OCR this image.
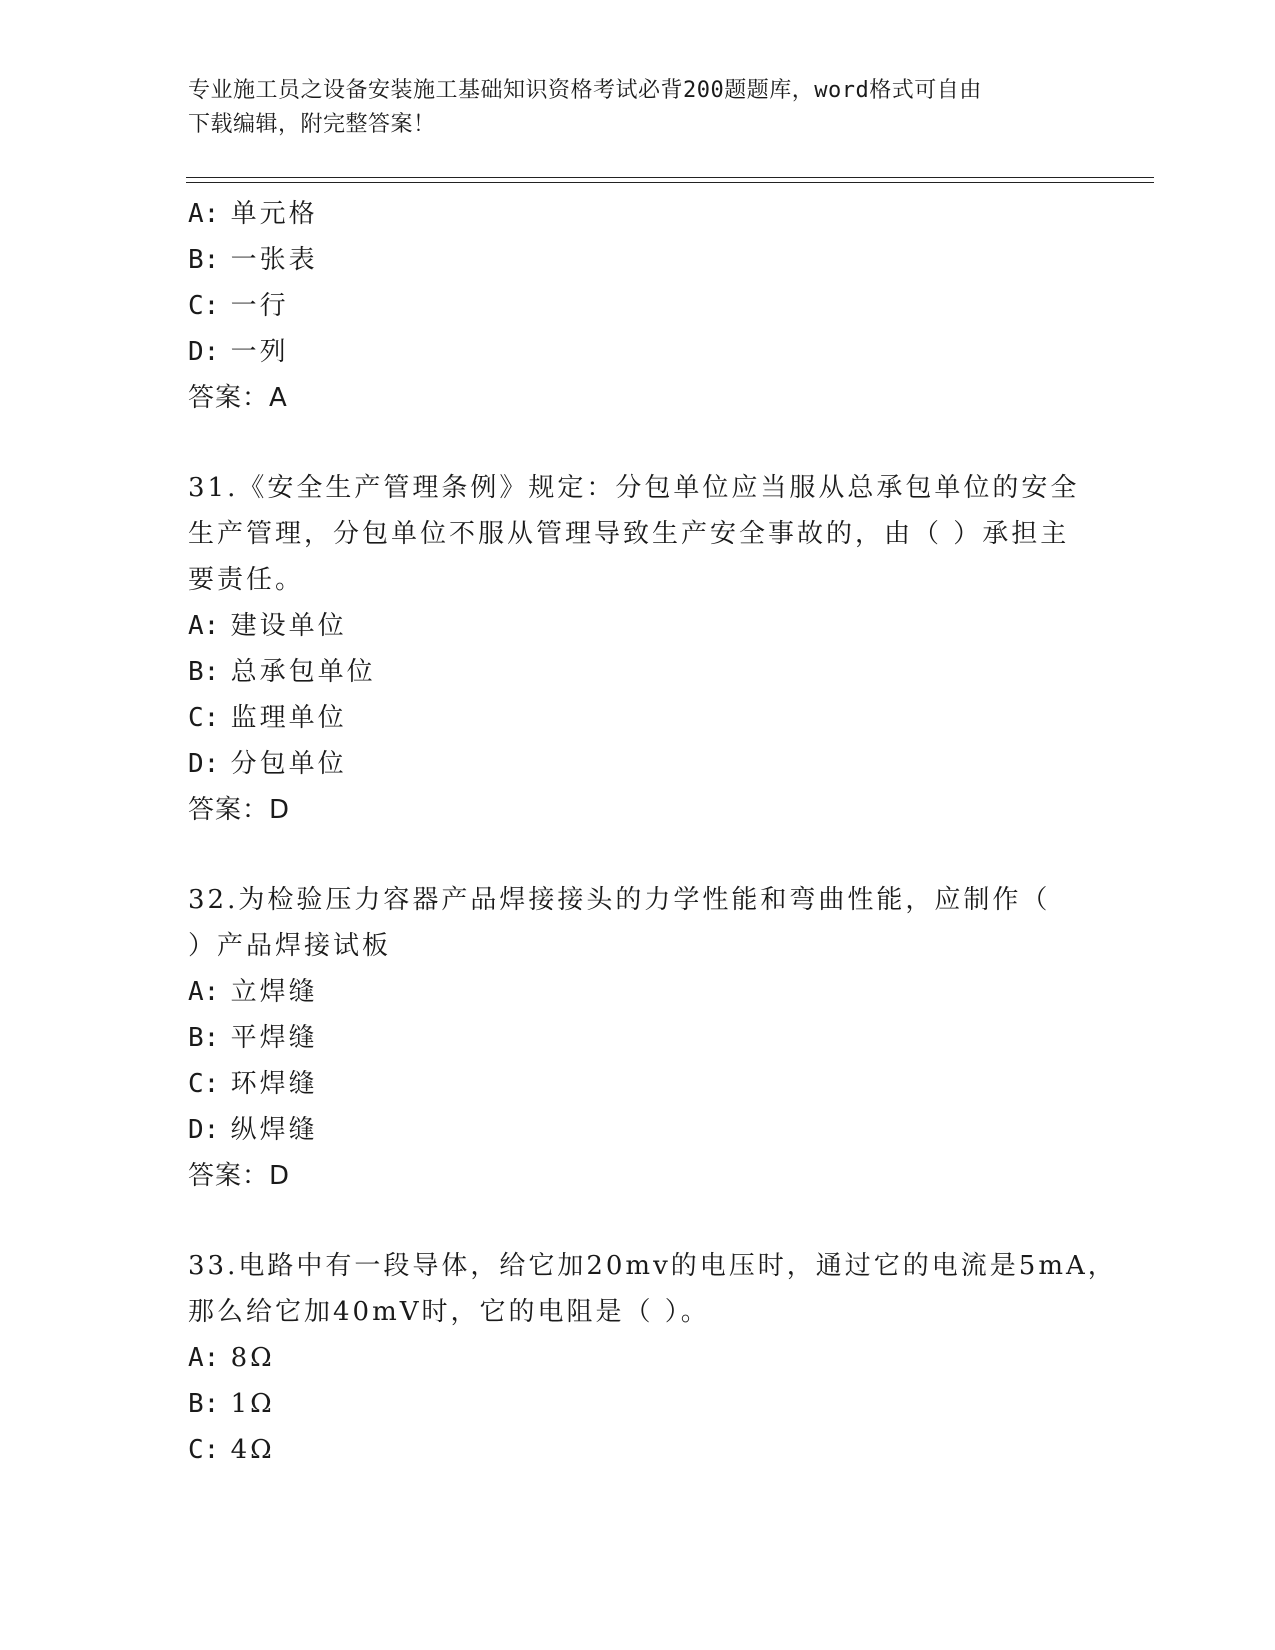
专业施工员之设备安装施工基础知识资格考试必背200题题库，word格式可自由
下载编辑，附完整答案！
A: 单元格
B: 一张表
C: 一行
D: 一列
答案：A
31.《安全生产管理条例》规定：分包单位应当服从总承包单位的安全
生产管理，分包单位不服从管理导致生产安全事故的，由（ ）承担主
要责任。
A: 建设单位
B: 总承包单位
C: 监理单位
D: 分包单位
答案：D
32.为检验压力容器产品焊接接头的力学性能和弯曲性能，应制作（
）产品焊接试板
A: 立焊缝
B: 平焊缝
C: 环焊缝
D: 纵焊缝
答案：D
33.电路中有一段导体，给它加20mv的电压时，通过它的电流是5mA，
那么给它加40mV时，它的电阻是（ ）。
A: 8Ω
B: 1Ω
C: 4Ω
